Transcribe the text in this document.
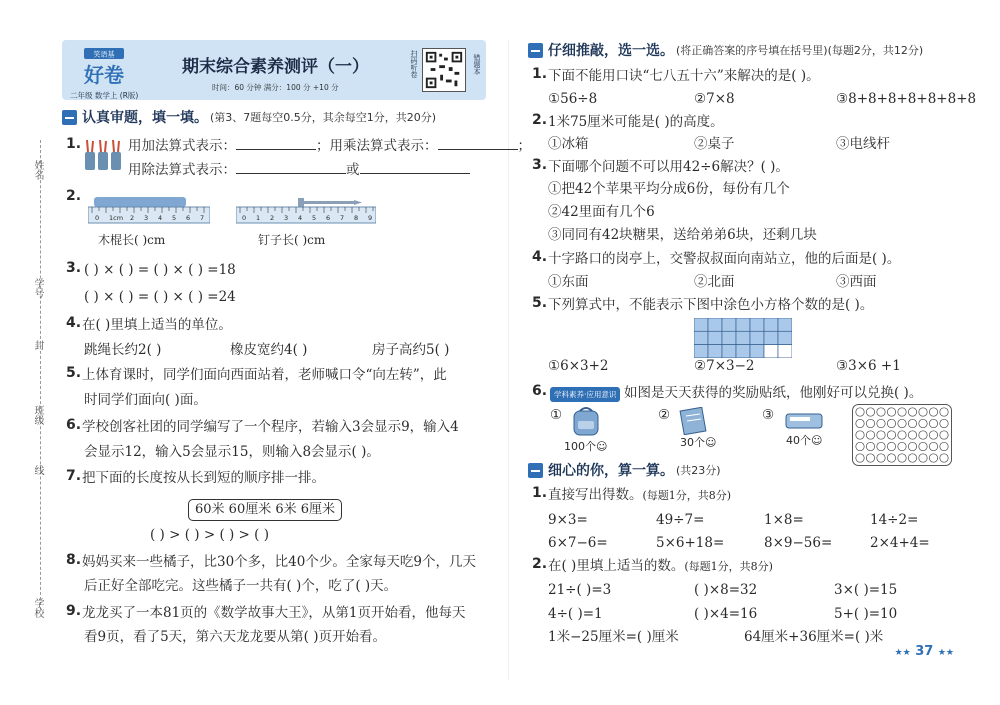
笑语基
好卷
二年级 数学上 (R版)
期末综合素养测评（一）
时间：60 分钟 满分：100 分 +10 分
扫码听卷	错题本
姓名
学号
封
班级
线
学校
认真审题，填一填。 (第3、7题每空0.5分，其余每空1分，共20分)
1.	用加法算式表示：	；用乘法算式表示：	；
用除法算式表示：	或
2.
0 1cm 2 3 4 5 6 7	0 1 2 3 4 5 6 7 8 9
木棍长( )cm	钉子长( )cm
3. ( ) × ( ) = ( ) × ( ) =18
( ) × ( ) = ( ) × ( ) =24
4. 在( )里填上适当的单位。
跳绳长约2( )	橡皮宽约4( )	房子高约5( )
5. 上体育课时，同学们面向西面站着，老师喊口令“向左转”，此
时同学们面向( )面。
6. 学校创客社团的同学编写了一个程序，若输入3会显示9，输入4
会显示12，输入5会显示15，则输入8会显示( )。
7. 把下面的长度按从长到短的顺序排一排。
60米 60厘米 6米 6厘米
( ) > ( ) > ( ) > ( )
8. 妈妈买来一些橘子，比30个多，比40个少。全家每天吃9个，几天
后正好全部吃完。这些橘子一共有( )个，吃了( )天。
9. 龙龙买了一本81页的《数学故事大王》，从第1页开始看，他每天
看9页，看了5天，第六天龙龙要从第( )页开始看。
仔细推敲，选一选。 (将正确答案的序号填在括号里)(每题2分，共12分)
1. 下面不能用口诀“七八五十六”来解决的是( )。
①56÷8	②7×8	③8+8+8+8+8+8+8
2. 1米75厘米可能是( )的高度。
①冰箱	②桌子	③电线杆
3. 下面哪个问题不可以用42÷6解决？( )。
①把42个苹果平均分成6份，每份有几个
②42里面有几个6
③同同有42块糖果，送给弟弟6块，还剩几块
4. 十字路口的岗亭上，交警叔叔面向南站立，他的后面是( )。
①东面	②北面	③西面
5. 下列算式中，不能表示下图中涂色小方格个数的是( )。
①6×3+2	②7×3−2	③3×6 +1
6. 学科素养·应用意识 如图是天天获得的奖励贴纸，他刚好可以兑换( )。
①
100个☺
②
30个☺
③
40个☺
细心的你，算一算。 (共23分)
1. 直接写出得数。(每题1分，共8分)
9×3=	49÷7=	1×8=	14÷2=
6×7−6=	5×6+18=	8×9−56=	2×4+4=
2. 在( )里填上适当的数。(每题1分，共8分)
21÷( )=3	( )×8=32	3×( )=15
4÷( )=1	( )×4=16	5+( )=10
1米−25厘米=( )厘米	64厘米+36厘米=( )米
★★ 37 ★★
